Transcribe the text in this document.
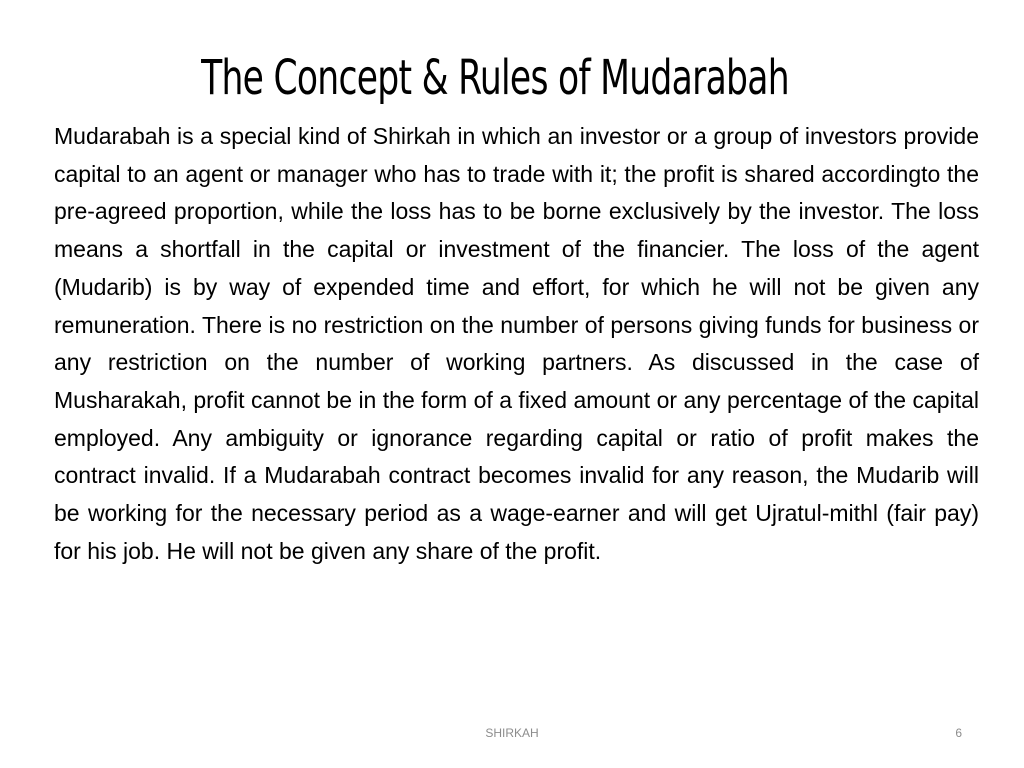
The Concept & Rules of Mudarabah

Mudarabah is a special kind of Shirkah in which an investor or a group of investors provide capital to an agent or manager who has to trade with it; the profit is shared accordingto the pre-agreed proportion, while the loss has to be borne exclusively by the investor. The loss means a shortfall in the capital or investment of the financier. The loss of the agent (Mudarib) is by way of expended time and effort, for which he will not be given any remuneration. There is no restriction on the number of persons giving funds for business or any restriction on the number of working partners. As discussed in the case of Musharakah, profit cannot be in the form of a fixed amount or any percentage of the capital employed. Any ambiguity or ignorance regarding capital or ratio of profit makes the contract invalid. If a Mudarabah contract becomes invalid for any reason, the Mudarib will be working for the necessary period as a wage-earner and will get Ujratul-mithl (fair pay) for his job. He will not be given any share of the profit.

SHIRKAH	6
